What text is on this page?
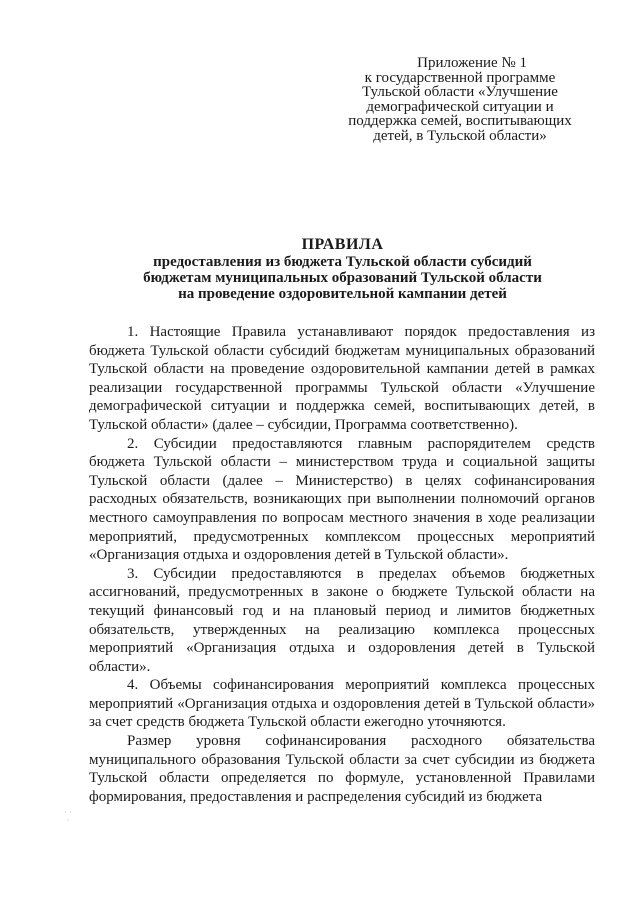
Приложение № 1
к государственной программе
Тульской области «Улучшение
демографической ситуации и
поддержка семей, воспитывающих
детей, в Тульской области»
ПРАВИЛА
предоставления из бюджета Тульской области субсидий
бюджетам муниципальных образований Тульской области
на проведение оздоровительной кампании детей

1. Настоящие Правила устанавливают порядок предоставления из бюджета Тульской области субсидий бюджетам муниципальных образований Тульской области на проведение оздоровительной кампании детей в рамках реализации государственной программы Тульской области «Улучшение демографической ситуации и поддержка семей, воспитывающих детей, в Тульской области» (далее – субсидии, Программа соответственно).

2. Субсидии предоставляются главным распорядителем средств бюджета Тульской области – министерством труда и социальной защиты Тульской области (далее – Министерство) в целях софинансирования расходных обязательств, возникающих при выполнении полномочий органов местного самоуправления по вопросам местного значения в ходе реализации мероприятий, предусмотренных комплексом процессных мероприятий «Организация отдыха и оздоровления детей в Тульской области».

3. Субсидии предоставляются в пределах объемов бюджетных ассигнований, предусмотренных в законе о бюджете Тульской области на текущий финансовый год и на плановый период и лимитов бюджетных обязательств, утвержденных на реализацию комплекса процессных мероприятий «Организация отдыха и оздоровления детей в Тульской области».

4. Объемы софинансирования мероприятий комплекса процессных мероприятий «Организация отдыха и оздоровления детей в Тульской области» за счет средств бюджета Тульской области ежегодно уточняются.

Размер уровня софинансирования расходного обязательства муниципального образования Тульской области за счет субсидии из бюджета Тульской области определяется по формуле, установленной Правилами формирования, предоставления и распределения субсидий из бюджета

· ·
·
